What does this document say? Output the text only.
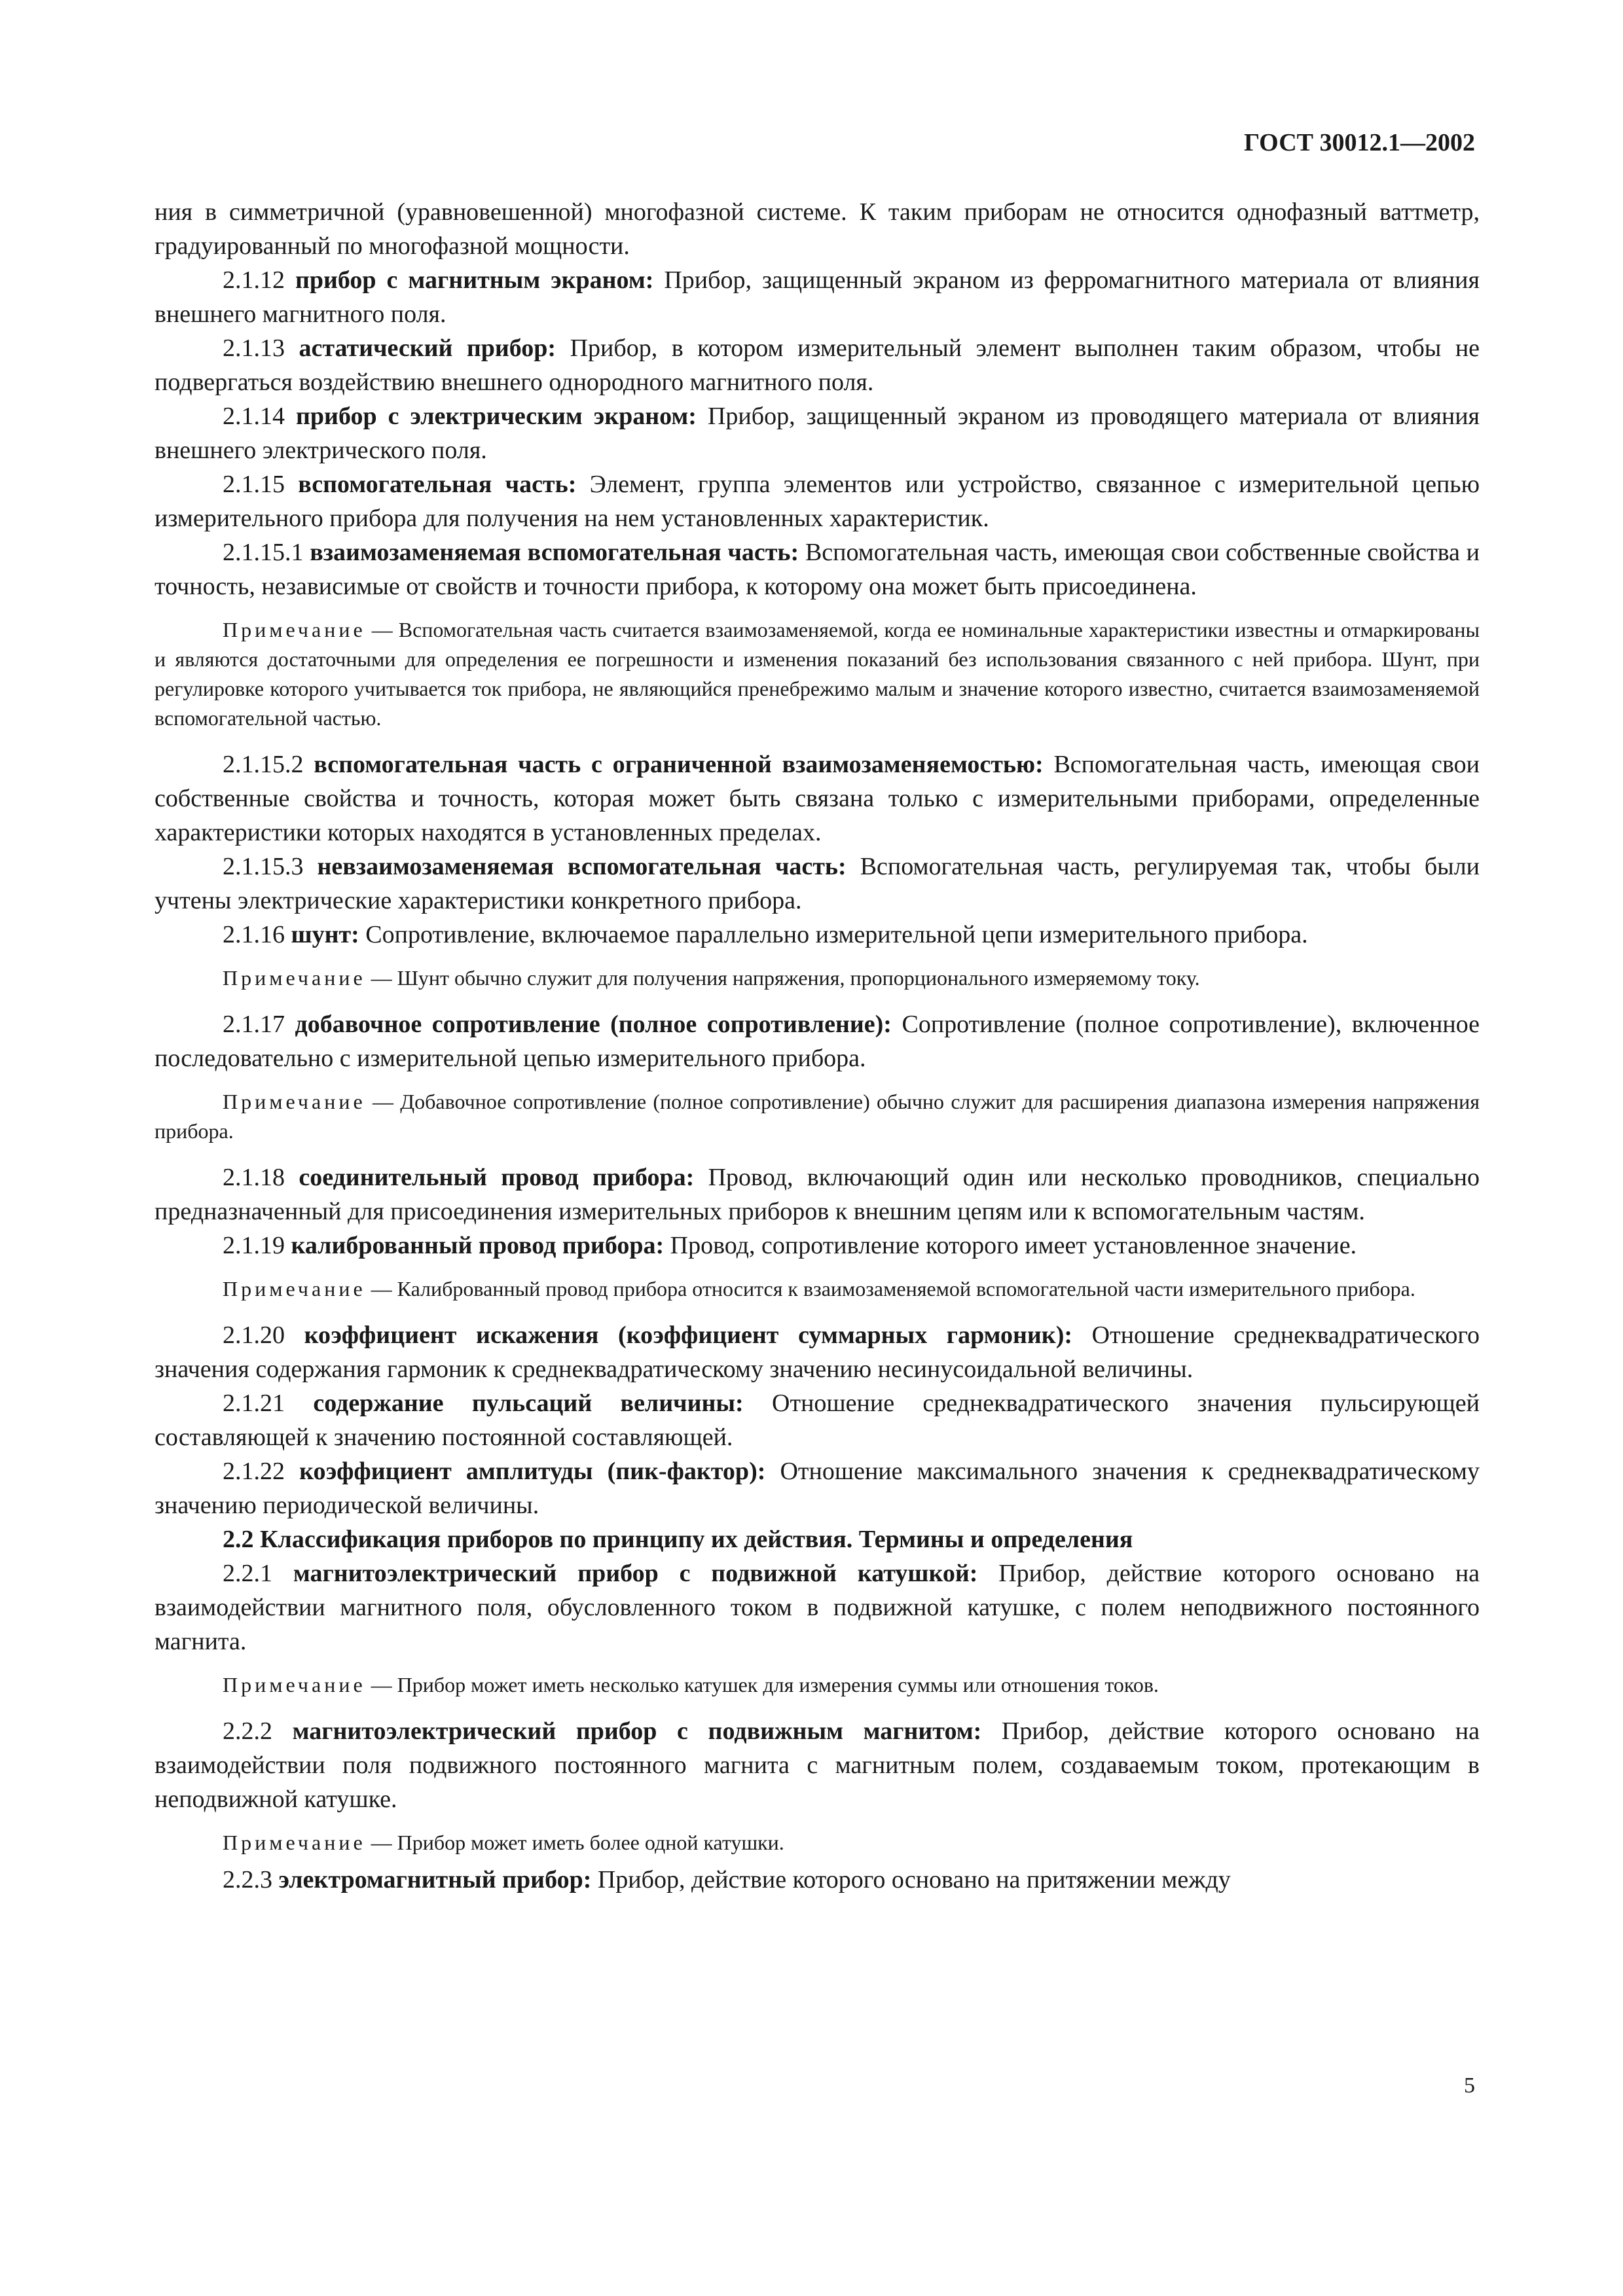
ГОСТ 30012.1—2002

ния в симметричной (уравновешенной) многофазной системе. К таким приборам не относится однофазный ваттметр, градуированный по многофазной мощности.

2.1.12 прибор с магнитным экраном: Прибор, защищенный экраном из ферромагнитного материала от влияния внешнего магнитного поля.

2.1.13 астатический прибор: Прибор, в котором измерительный элемент выполнен таким образом, чтобы не подвергаться воздействию внешнего однородного магнитного поля.

2.1.14 прибор с электрическим экраном: Прибор, защищенный экраном из проводящего материала от влияния внешнего электрического поля.

2.1.15 вспомогательная часть: Элемент, группа элементов или устройство, связанное с измерительной цепью измерительного прибора для получения на нем установленных характеристик.

2.1.15.1 взаимозаменяемая вспомогательная часть: Вспомогательная часть, имеющая свои собственные свойства и точность, независимые от свойств и точности прибора, к которому она может быть присоединена.

Примечание — Вспомогательная часть считается взаимозаменяемой, когда ее номинальные характеристики известны и отмаркированы и являются достаточными для определения ее погрешности и изменения показаний без использования связанного с ней прибора. Шунт, при регулировке которого учитывается ток прибора, не являющийся пренебрежимо малым и значение которого известно, считается взаимозаменяемой вспомогательной частью.

2.1.15.2 вспомогательная часть с ограниченной взаимозаменяемостью: Вспомогательная часть, имеющая свои собственные свойства и точность, которая может быть связана только с измерительными приборами, определенные характеристики которых находятся в установленных пределах.

2.1.15.3 невзаимозаменяемая вспомогательная часть: Вспомогательная часть, регулируемая так, чтобы были учтены электрические характеристики конкретного прибора.

2.1.16 шунт: Сопротивление, включаемое параллельно измерительной цепи измерительного прибора.

Примечание — Шунт обычно служит для получения напряжения, пропорционального измеряемому току.

2.1.17 добавочное сопротивление (полное сопротивление): Сопротивление (полное сопротивление), включенное последовательно с измерительной цепью измерительного прибора.

Примечание — Добавочное сопротивление (полное сопротивление) обычно служит для расширения диапазона измерения напряжения прибора.

2.1.18 соединительный провод прибора: Провод, включающий один или несколько проводников, специально предназначенный для присоединения измерительных приборов к внешним цепям или к вспомогательным частям.

2.1.19 калиброванный провод прибора: Провод, сопротивление которого имеет установленное значение.

Примечание — Калиброванный провод прибора относится к взаимозаменяемой вспомогательной части измерительного прибора.

2.1.20 коэффициент искажения (коэффициент суммарных гармоник): Отношение среднеквадратического значения содержания гармоник к среднеквадратическому значению несинусоидальной величины.

2.1.21 содержание пульсаций величины: Отношение среднеквадратического значения пульсирующей составляющей к значению постоянной составляющей.

2.1.22 коэффициент амплитуды (пик-фактор): Отношение максимального значения к среднеквадратическому значению периодической величины.

2.2 Классификация приборов по принципу их действия. Термины и определения

2.2.1 магнитоэлектрический прибор с подвижной катушкой: Прибор, действие которого основано на взаимодействии магнитного поля, обусловленного током в подвижной катушке, с полем неподвижного постоянного магнита.

Примечание — Прибор может иметь несколько катушек для измерения суммы или отношения токов.

2.2.2 магнитоэлектрический прибор с подвижным магнитом: Прибор, действие которого основано на взаимодействии поля подвижного постоянного магнита с магнитным полем, создаваемым током, протекающим в неподвижной катушке.

Примечание — Прибор может иметь более одной катушки.

2.2.3 электромагнитный прибор: Прибор, действие которого основано на притяжении между

5
